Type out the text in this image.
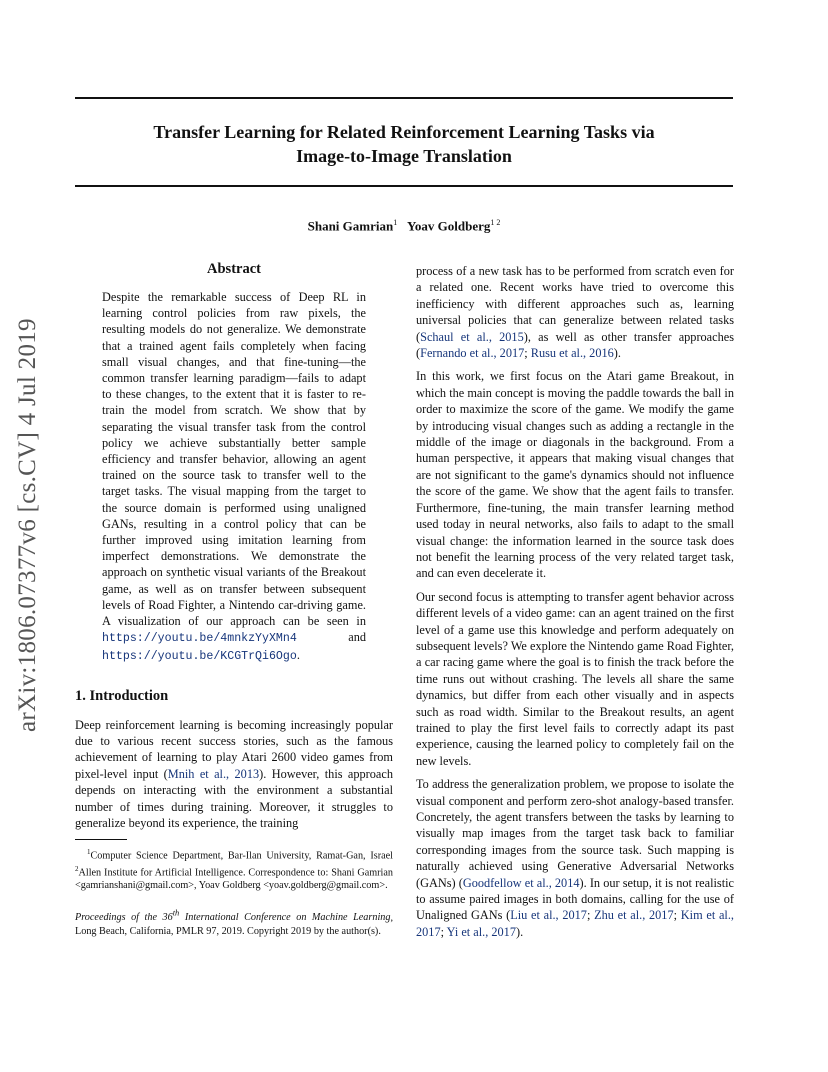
Transfer Learning for Related Reinforcement Learning Tasks via
Image-to-Image Translation
Shani Gamrian$^1$ Yoav Goldberg$^{1 2}$
arXiv:1806.07377v6 [cs.CV] 4 Jul 2019
Abstract
Despite the remarkable success of Deep RL in learning control policies from raw pixels, the resulting models do not generalize. We demonstrate that a trained agent fails completely when facing small visual changes, and that fine-tuning—the common transfer learning paradigm—fails to adapt to these changes, to the extent that it is faster to re-train the model from scratch. We show that by separating the visual transfer task from the control policy we achieve substantially better sample efficiency and transfer behavior, allowing an agent trained on the source task to transfer well to the target tasks. The visual mapping from the target to the source domain is performed using unaligned GANs, resulting in a control policy that can be further improved using imitation learning from imperfect demonstrations. We demonstrate the approach on synthetic visual variants of the Breakout game, as well as on transfer between subsequent levels of Road Fighter, a Nintendo car-driving game. A visualization of our approach can be seen in https://youtu.be/4mnkzYyXMn4	and https://youtu.be/KCGTrQi6Ogo.
1. Introduction

Deep reinforcement learning is becoming increasingly popular due to various recent success stories, such as the famous achievement of learning to play Atari 2600 video games from pixel-level input (Mnih et al., 2013). However, this approach depends on interacting with the environment a substantial number of times during training. Moreover, it struggles to generalize beyond its experience, the training

$^1$Computer Science Department, Bar-Ilan University, Ramat-Gan, Israel $^2$Allen Institute for Artificial Intelligence. Correspondence to: Shani Gamrian <gamrianshani@gmail.com>, Yoav Goldberg <yoav.goldberg@gmail.com>.

Proceedings of the 36th International Conference on Machine Learning, Long Beach, California, PMLR 97, 2019. Copyright 2019 by the author(s).

process of a new task has to be performed from scratch even for a related one. Recent works have tried to overcome this inefficiency with different approaches such as, learning universal policies that can generalize between related tasks (Schaul et al., 2015), as well as other transfer approaches (Fernando et al., 2017; Rusu et al., 2016).

In this work, we first focus on the Atari game Breakout, in which the main concept is moving the paddle towards the ball in order to maximize the score of the game. We modify the game by introducing visual changes such as adding a rectangle in the middle of the image or diagonals in the background. From a human perspective, it appears that making visual changes that are not significant to the game's dynamics should not influence the score of the game. We show that the agent fails to transfer. Furthermore, fine-tuning, the main transfer learning method used today in neural networks, also fails to adapt to the small visual change: the information learned in the source task does not benefit the learning process of the very related target task, and can even decelerate it.

Our second focus is attempting to transfer agent behavior across different levels of a video game: can an agent trained on the first level of a game use this knowledge and perform adequately on subsequent levels? We explore the Nintendo game Road Fighter, a car racing game where the goal is to finish the track before the time runs out without crashing. The levels all share the same dynamics, but differ from each other visually and in aspects such as road width. Similar to the Breakout results, an agent trained to play the first level fails to correctly adapt its past experience, causing the learned policy to completely fail on the new levels.

To address the generalization problem, we propose to isolate the visual component and perform zero-shot analogy-based transfer. Concretely, the agent transfers between the tasks by learning to visually map images from the target task back to familiar corresponding images from the source task. Such mapping is naturally achieved using Generative Adversarial Networks (GANs) (Goodfellow et al., 2014). In our setup, it is not realistic to assume paired images in both domains, calling for the use of Unaligned GANs (Liu et al., 2017; Zhu et al., 2017; Kim et al., 2017; Yi et al., 2017).
